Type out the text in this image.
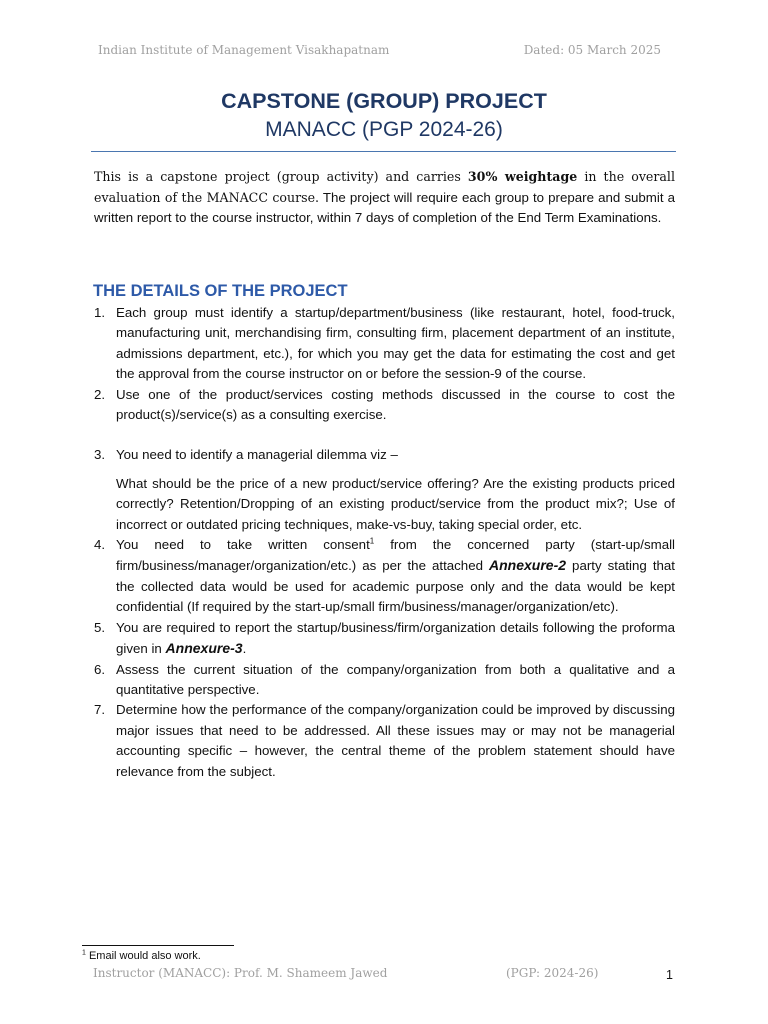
Indian Institute of Management Visakhapatnam	Dated: 05 March 2025
CAPSTONE (GROUP) PROJECT
MANACC (PGP 2024-26)
This is a capstone project (group activity) and carries 30% weightage in the overall evaluation of the MANACC course. The project will require each group to prepare and submit a written report to the course instructor, within 7 days of completion of the End Term Examinations.
THE DETAILS OF THE PROJECT
1. Each group must identify a startup/department/business (like restaurant, hotel, food-truck, manufacturing unit, merchandising firm, consulting firm, placement department of an institute, admissions department, etc.), for which you may get the data for estimating the cost and get the approval from the course instructor on or before the session-9 of the course.
2. Use one of the product/services costing methods discussed in the course to cost the product(s)/service(s) as a consulting exercise.
3. You need to identify a managerial dilemma viz –
What should be the price of a new product/service offering? Are the existing products priced correctly? Retention/Dropping of an existing product/service from the product mix?; Use of incorrect or outdated pricing techniques, make-vs-buy, taking special order, etc.
4. You need to take written consent$^1$ from the concerned party (start-up/small firm/business/manager/organization/etc.) as per the attached Annexure-2 party stating that the collected data would be used for academic purpose only and the data would be kept confidential (If required by the start-up/small firm/business/manager/organization/etc).
5. You are required to report the startup/business/firm/organization details following the proforma given in Annexure-3.
6. Assess the current situation of the company/organization from both a qualitative and a quantitative perspective.
7. Determine how the performance of the company/organization could be improved by discussing major issues that need to be addressed. All these issues may or may not be managerial accounting specific – however, the central theme of the problem statement should have relevance from the subject.
$^1$ Email would also work.
Instructor (MANACC): Prof. M. Shameem Jawed	(PGP: 2024-26)	1
